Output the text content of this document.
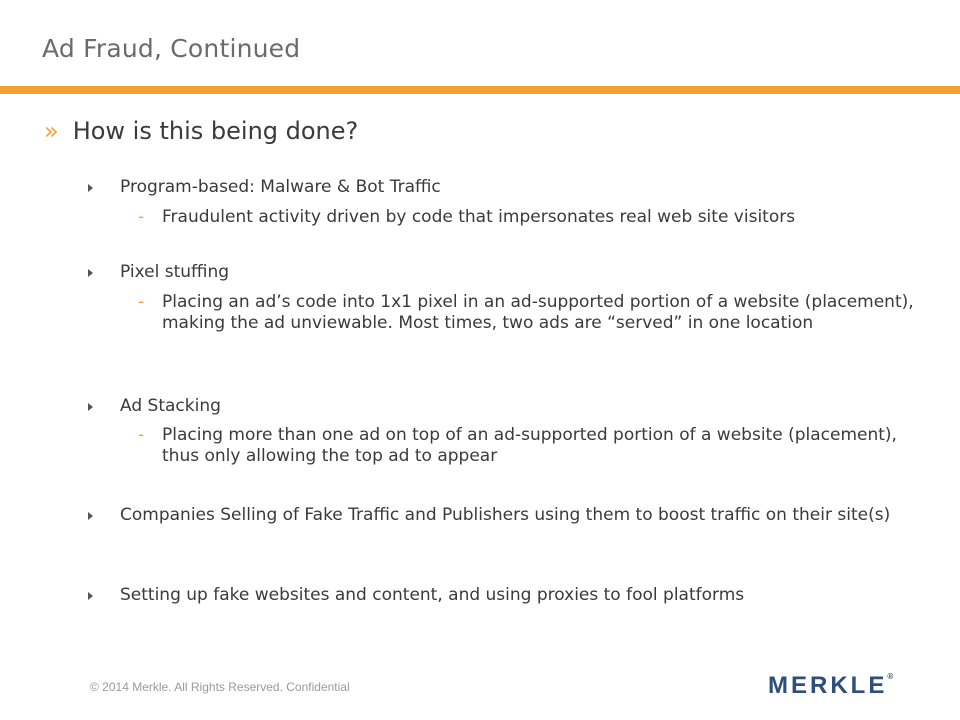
Ad Fraud, Continued
» How is this being done?
Program-based: Malware & Bot Traffic
- Fraudulent activity driven by code that impersonates real web site visitors
Pixel stuffing
- Placing an ad’s code into 1x1 pixel in an ad-supported portion of a website (placement), making the ad unviewable. Most times, two ads are “served” in one location
Ad Stacking
- Placing more than one ad on top of an ad-supported portion of a website (placement), thus only allowing the top ad to appear
Companies Selling of Fake Traffic and Publishers using them to boost traffic on their site(s)
Setting up fake websites and content, and using proxies to fool platforms
© 2014 Merkle. All Rights Reserved. Confidential	MERKLE®
